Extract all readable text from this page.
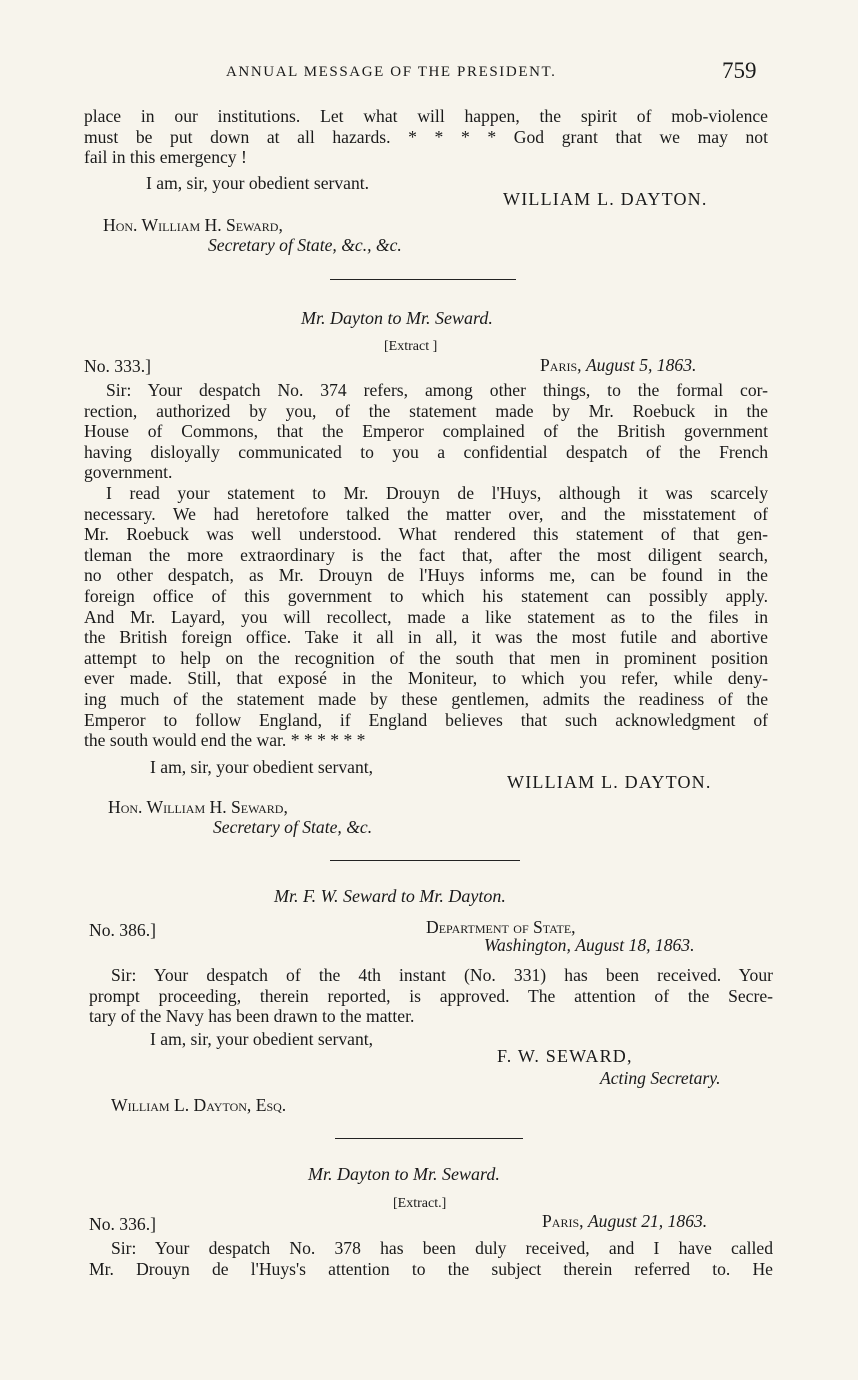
ANNUAL MESSAGE OF THE PRESIDENT.	759
place in our institutions. Let what will happen, the spirit of mob-violence
must be put down at all hazards. * * * * God grant that we may not
fail in this emergency !
I am, sir, your obedient servant.
WILLIAM L. DAYTON.
Hon. William H. Seward,
Secretary of State, &c., &c.
Mr. Dayton to Mr. Seward.
[Extract ]
No. 333.]	Paris, August 5, 1863.
Sir: Your despatch No. 374 refers, among other things, to the formal cor-
rection, authorized by you, of the statement made by Mr. Roebuck in the
House of Commons, that the Emperor complained of the British government
having disloyally communicated to you a confidential despatch of the French
government.
I read your statement to Mr. Drouyn de l'Huys, although it was scarcely
necessary. We had heretofore talked the matter over, and the misstatement of
Mr. Roebuck was well understood. What rendered this statement of that gen-
tleman the more extraordinary is the fact that, after the most diligent search,
no other despatch, as Mr. Drouyn de l'Huys informs me, can be found in the
foreign office of this government to which his statement can possibly apply.
And Mr. Layard, you will recollect, made a like statement as to the files in
the British foreign office. Take it all in all, it was the most futile and abortive
attempt to help on the recognition of the south that men in prominent position
ever made. Still, that exposé in the Moniteur, to which you refer, while deny-
ing much of the statement made by these gentlemen, admits the readiness of the
Emperor to follow England, if England believes that such acknowledgment of
the south would end the war. * * * * * *
I am, sir, your obedient servant,
WILLIAM L. DAYTON.
Hon. William H. Seward,
Secretary of State, &c.
Mr. F. W. Seward to Mr. Dayton.
No. 386.]	Department of State,
Washington, August 18, 1863.
Sir: Your despatch of the 4th instant (No. 331) has been received. Your
prompt proceeding, therein reported, is approved. The attention of the Secre-
tary of the Navy has been drawn to the matter.
I am, sir, your obedient servant,
F. W. SEWARD,
Acting Secretary.
William L. Dayton, Esq.
Mr. Dayton to Mr. Seward.
[Extract.]
No. 336.]	Paris, August 21, 1863.
Sir: Your despatch No. 378 has been duly received, and I have called
Mr. Drouyn de l'Huys's attention to the subject therein referred to. He
